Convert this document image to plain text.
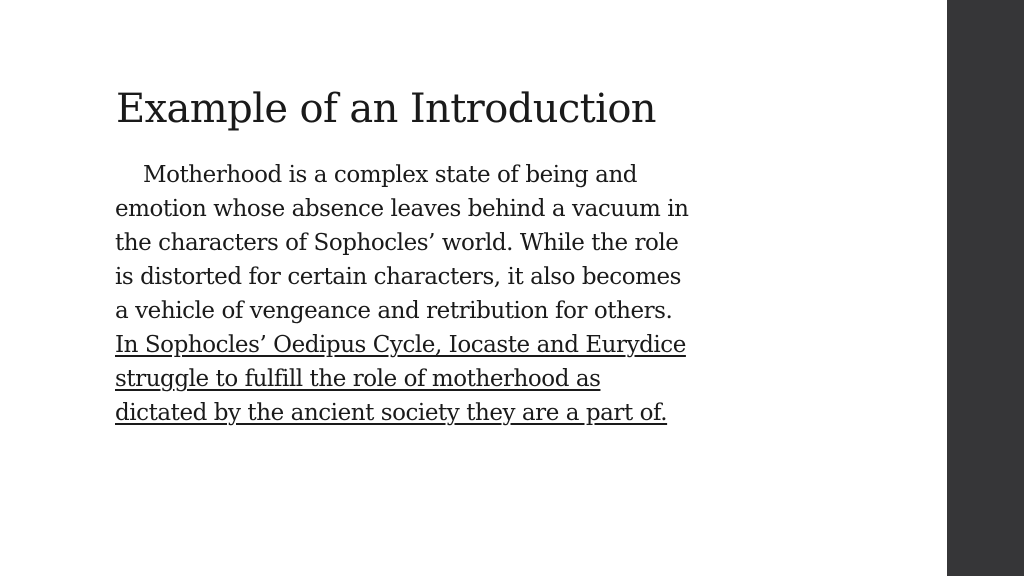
Example of an Introduction
Motherhood is a complex state of being and
emotion whose absence leaves behind a vacuum in
the characters of Sophocles’ world. While the role
is distorted for certain characters, it also becomes
a vehicle of vengeance and retribution for others.
In Sophocles’ Oedipus Cycle, Iocaste and Eurydice
struggle to fulfill the role of motherhood as
dictated by the ancient society they are a part of.
